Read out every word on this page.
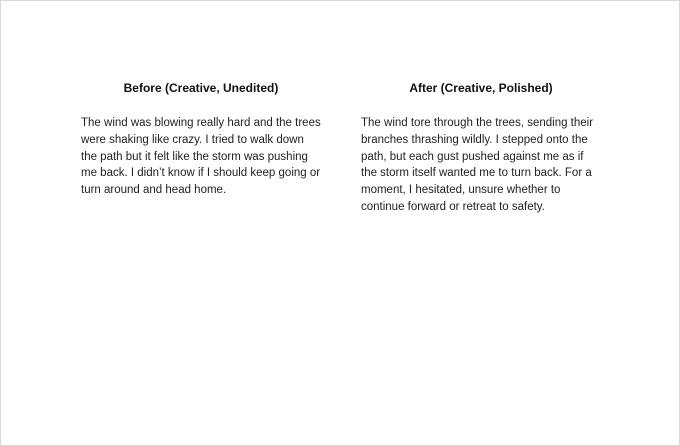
Before (Creative, Unedited)

The wind was blowing really hard and the trees were shaking like crazy. I tried to walk down the path but it felt like the storm was pushing me back. I didn’t know if I should keep going or turn around and head home.

After (Creative, Polished)

The wind tore through the trees, sending their branches thrashing wildly. I stepped onto the path, but each gust pushed against me as if the storm itself wanted me to turn back. For a moment, I hesitated, unsure whether to continue forward or retreat to safety.
